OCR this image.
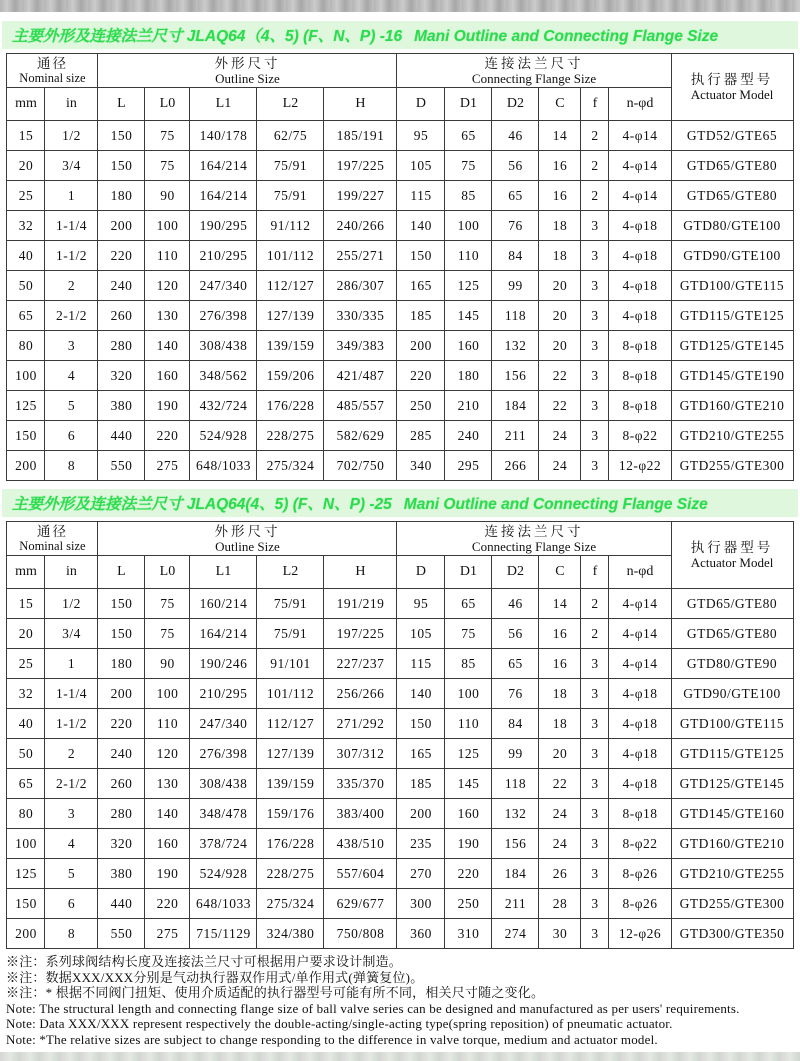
主要外形及连接法兰尺寸 JLAQ64（4、5) (F、N、P) -16 Mani Outline and Connecting Flange Size
通径
Nominal size		外形尺寸
Outline Size					连接法兰尺寸
Connecting Flange Size						执行器型号
Actuator Model

mm	in	L	L0	L1	L2	H	D	D1	D2	C	f	n-φd	
15	1/2	150	75	140/178	62/75	185/191	95	65	46	14	2	4-φ14	GTD52/GTE65
20	3/4	150	75	164/214	75/91	197/225	105	75	56	16	2	4-φ14	GTD65/GTE80
25	1	180	90	164/214	75/91	199/227	115	85	65	16	2	4-φ14	GTD65/GTE80
32	1-1/4	200	100	190/295	91/112	240/266	140	100	76	18	3	4-φ18	GTD80/GTE100
40	1-1/2	220	110	210/295	101/112	255/271	150	110	84	18	3	4-φ18	GTD90/GTE100
50	2	240	120	247/340	112/127	286/307	165	125	99	20	3	4-φ18	GTD100/GTE115
65	2-1/2	260	130	276/398	127/139	330/335	185	145	118	20	3	4-φ18	GTD115/GTE125
80	3	280	140	308/438	139/159	349/383	200	160	132	20	3	8-φ18	GTD125/GTE145
100	4	320	160	348/562	159/206	421/487	220	180	156	22	3	8-φ18	GTD145/GTE190
125	5	380	190	432/724	176/228	485/557	250	210	184	22	3	8-φ18	GTD160/GTE210
150	6	440	220	524/928	228/275	582/629	285	240	211	24	3	8-φ22	GTD210/GTE255
200	8	550	275	648/1033	275/324	702/750	340	295	266	24	3	12-φ22	GTD255/GTE300
主要外形及连接法兰尺寸 JLAQ64(4、5) (F、N、P) -25 Mani Outline and Connecting Flange Size
通径
Nominal size		外形尺寸
Outline Size					连接法兰尺寸
Connecting Flange Size						执行器型号
Actuator Model

mm	in	L	L0	L1	L2	H	D	D1	D2	C	f	n-φd	
15	1/2	150	75	160/214	75/91	191/219	95	65	46	14	2	4-φ14	GTD65/GTE80
20	3/4	150	75	164/214	75/91	197/225	105	75	56	16	2	4-φ14	GTD65/GTE80
25	1	180	90	190/246	91/101	227/237	115	85	65	16	3	4-φ14	GTD80/GTE90
32	1-1/4	200	100	210/295	101/112	256/266	140	100	76	18	3	4-φ18	GTD90/GTE100
40	1-1/2	220	110	247/340	112/127	271/292	150	110	84	18	3	4-φ18	GTD100/GTE115
50	2	240	120	276/398	127/139	307/312	165	125	99	20	3	4-φ18	GTD115/GTE125
65	2-1/2	260	130	308/438	139/159	335/370	185	145	118	22	3	4-φ18	GTD125/GTE145
80	3	280	140	348/478	159/176	383/400	200	160	132	24	3	8-φ18	GTD145/GTE160
100	4	320	160	378/724	176/228	438/510	235	190	156	24	3	8-φ22	GTD160/GTE210
125	5	380	190	524/928	228/275	557/604	270	220	184	26	3	8-φ26	GTD210/GTE255
150	6	440	220	648/1033	275/324	629/677	300	250	211	28	3	8-φ26	GTD255/GTE300
200	8	550	275	715/1129	324/380	750/808	360	310	274	30	3	12-φ26	GTD300/GTE350
※注：系列球阀结构长度及连接法兰尺寸可根据用户要求设计制造。
※注：数据XXX/XXX分别是气动执行器双作用式/单作用式(弹簧复位)。
※注：* 根据不同阀门扭矩、使用介质适配的执行器型号可能有所不同，相关尺寸随之变化。
Note: The structural length and connecting flange size of ball valve series can be designed and manufactured as per users' requirements.
Note: Data XXX/XXX represent respectively the double-acting/single-acting type(spring reposition) of pneumatic actuator.
Note: *The relative sizes are subject to change responding to the difference in valve torque, medium and actuator model.
